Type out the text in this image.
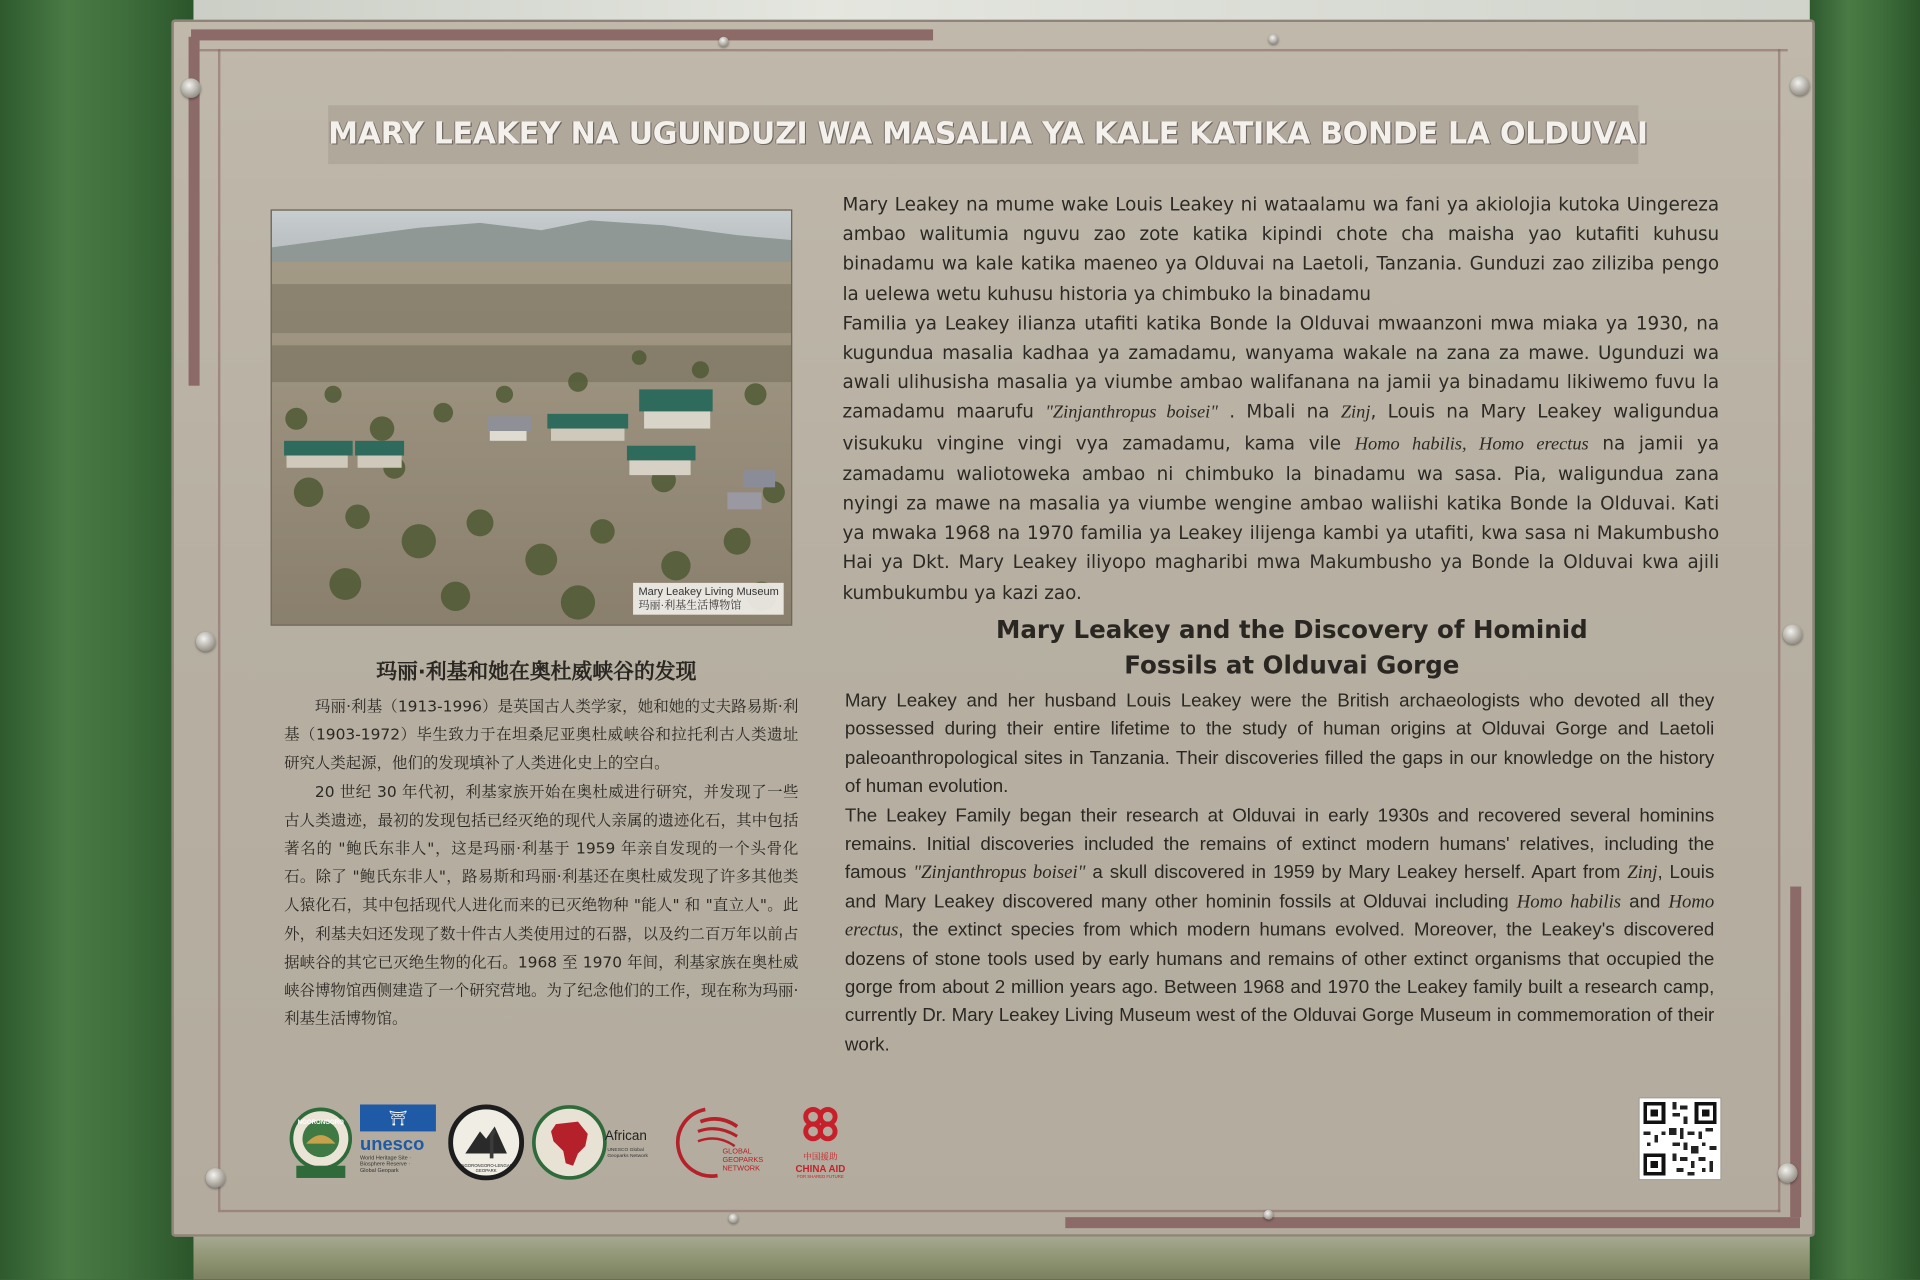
MARY LEAKEY NA UGUNDUZI WA MASALIA YA KALE KATIKA BONDE LA OLDUVAI
Mary Leakey Living Museum
玛丽·利基生活博物馆

Mary Leakey na mume wake Louis Leakey ni wataalamu wa fani ya akiolojia kutoka Uingereza ambao walitumia nguvu zao zote katika kipindi chote cha maisha yao kutafiti kuhusu binadamu wa kale katika maeneo ya Olduvai na Laetoli, Tanzania. Gunduzi zao ziliziba pengo la uelewa wetu kuhusu historia ya chimbuko la binadamu

Familia ya Leakey ilianza utafiti katika Bonde la Olduvai mwaanzoni mwa miaka ya 1930, na kugundua masalia kadhaa ya zamadamu, wanyama wakale na zana za mawe. Ugunduzi wa awali ulihusisha masalia ya viumbe ambao walifanana na jamii ya binadamu likiwemo fuvu la zamadamu maarufu "Zinjanthropus boisei" . Mbali na Zinj, Louis na Mary Leakey waligundua visukuku vingine vingi vya zamadamu, kama vile Homo habilis, Homo erectus na jamii ya zamadamu waliotoweka ambao ni chimbuko la binadamu wa sasa. Pia, waligundua zana nyingi za mawe na masalia ya viumbe wengine ambao waliishi katika Bonde la Olduvai. Kati ya mwaka 1968 na 1970 familia ya Leakey ilijenga kambi ya utafiti, kwa sasa ni Makumbusho Hai ya Dkt. Mary Leakey iliyopo magharibi mwa Makumbusho ya Bonde la Olduvai kwa ajili kumbukumbu ya kazi zao.

Mary Leakey and the Discovery of Hominid
Fossils at Olduvai Gorge

Mary Leakey and her husband Louis Leakey were the British archaeologists who devoted all they possessed during their entire lifetime to the study of human origins at Olduvai Gorge and Laetoli paleoanthropological sites in Tanzania. Their discoveries filled the gaps in our knowledge on the history of human evolution.

The Leakey Family began their research at Olduvai in early 1930s and recovered several hominins remains. Initial discoveries included the remains of extinct modern humans' relatives, including the famous "Zinjanthropus boisei" a skull discovered in 1959 by Mary Leakey herself. Apart from Zinj, Louis and Mary Leakey discovered many other hominin fossils at Olduvai including Homo habilis and Homo erectus, the extinct species from which modern humans evolved. Moreover, the Leakey's discovered dozens of stone tools used by early humans and remains of other extinct organisms that occupied the gorge from about 2 million years ago. Between 1968 and 1970 the Leakey family built a research camp, currently Dr. Mary Leakey Living Museum west of the Olduvai Gorge Museum in commemoration of their work.

玛丽·利基和她在奥杜威峡谷的发现

玛丽·利基（1913-1996）是英国古人类学家，她和她的丈夫路易斯·利基（1903-1972）毕生致力于在坦桑尼亚奥杜威峡谷和拉托利古人类遗址研究人类起源，他们的发现填补了人类进化史上的空白。

20 世纪 30 年代初，利基家族开始在奥杜威进行研究，并发现了一些古人类遗迹，最初的发现包括已经灭绝的现代人亲属的遗迹化石，其中包括著名的 "鲍氏东非人"，这是玛丽·利基于 1959 年亲自发现的一个头骨化石。除了 "鲍氏东非人"，路易斯和玛丽·利基还在奥杜威发现了许多其他类人猿化石，其中包括现代人进化而来的已灭绝物种 "能人" 和 "直立人"。此外，利基夫妇还发现了数十件古人类使用过的石器，以及约二百万年以前占据峡谷的其它已灭绝生物的化石。1968 至 1970 年间，利基家族在奥杜威峡谷博物馆西侧建造了一个研究营地。为了纪念他们的工作，现在称为玛丽·利基生活博物馆。

NGORONGORO	⛩
unesco
World Heritage Site · Biosphere Reserve · Global Geopark
NGORONGORO-LENGAI GEOPARK
African
UNESCO Global Geoparks Network	GLOBAL GEOPARKS NETWORK
中国援助
CHINA AID
FOR SHARED FUTURE
